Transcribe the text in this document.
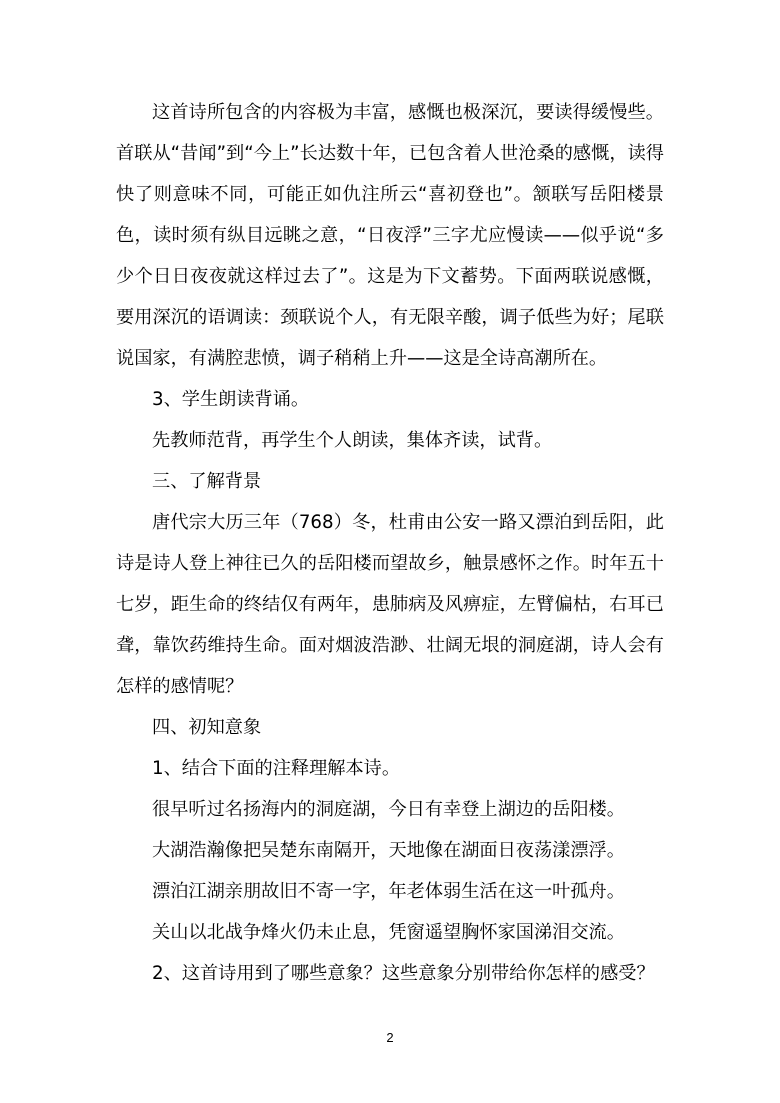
这首诗所包含的内容极为丰富，感慨也极深沉，要读得缓慢些。首联从“昔闻”到“今上”长达数十年，已包含着人世沧桑的感慨，读得快了则意味不同，可能正如仇注所云“喜初登也”。颔联写岳阳楼景色，读时须有纵目远眺之意，“日夜浮”三字尤应慢读——似乎说“多少个日日夜夜就这样过去了”。这是为下文蓄势。下面两联说感慨，要用深沉的语调读：颈联说个人，有无限辛酸，调子低些为好；尾联说国家，有满腔悲愤，调子稍稍上升——这是全诗高潮所在。

3、学生朗读背诵。

先教师范背，再学生个人朗读，集体齐读，试背。

三、了解背景

唐代宗大历三年（768）冬，杜甫由公安一路又漂泊到岳阳，此诗是诗人登上神往已久的岳阳楼而望故乡，触景感怀之作。时年五十七岁，距生命的终结仅有两年，患肺病及风痹症，左臂偏枯，右耳已聋，靠饮药维持生命。面对烟波浩渺、壮阔无垠的洞庭湖，诗人会有怎样的感情呢？

四、初知意象

1、结合下面的注释理解本诗。

很早听过名扬海内的洞庭湖，今日有幸登上湖边的岳阳楼。

大湖浩瀚像把吴楚东南隔开，天地像在湖面日夜荡漾漂浮。

漂泊江湖亲朋故旧不寄一字，年老体弱生活在这一叶孤舟。

关山以北战争烽火仍未止息，凭窗遥望胸怀家国涕泪交流。

2、这首诗用到了哪些意象？这些意象分别带给你怎样的感受？

2
